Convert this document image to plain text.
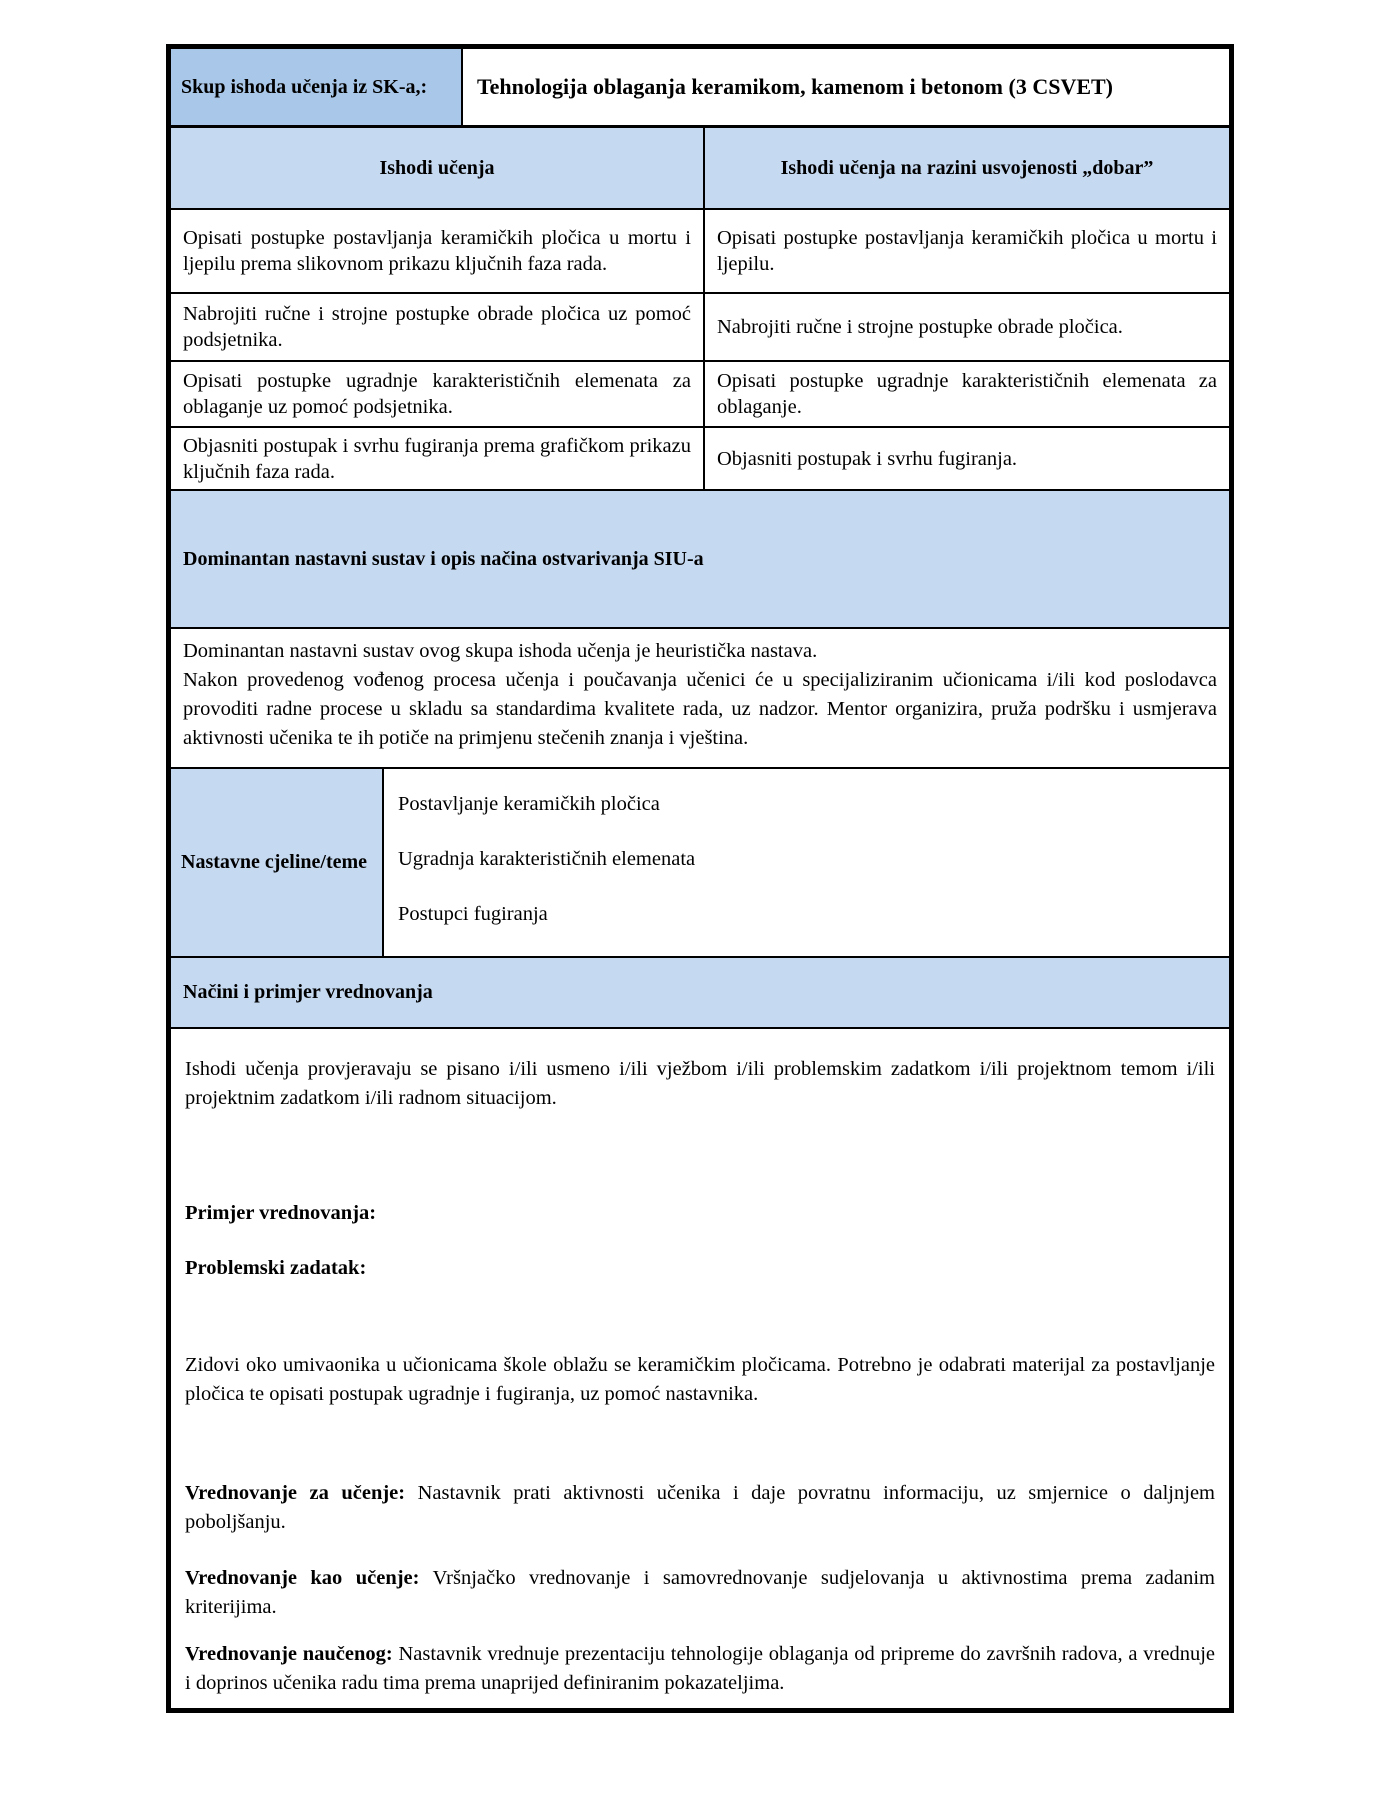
Skup ishoda učenja iz SK-a,: Tehnologija oblaganja keramikom, kamenom i betonom (3 CSVET)
Ishodi učenja	Ishodi učenja na razini usvojenosti „dobar”
Opisati postupke postavljanja keramičkih pločica u mortu i ljepilu prema slikovnom prikazu ključnih faza rada.
Opisati postupke postavljanja keramičkih pločica u mortu i ljepilu.
Nabrojiti ručne i strojne postupke obrade pločica uz pomoć podsjetnika.
Nabrojiti ručne i strojne postupke obrade pločica.
Opisati postupke ugradnje karakterističnih elemenata za oblaganje uz pomoć podsjetnika.
Opisati postupke ugradnje karakterističnih elemenata za oblaganje.
Objasniti postupak i svrhu fugiranja prema grafičkom prikazu ključnih faza rada.
Objasniti postupak i svrhu fugiranja.
Dominantan nastavni sustav i opis načina ostvarivanja SIU-a

Dominantan nastavni sustav ovog skupa ishoda učenja je heuristička nastava.

Nakon provedenog vođenog procesa učenja i poučavanja učenici će u specijaliziranim učionicama i/ili kod poslodavca provoditi radne procese u skladu sa standardima kvalitete rada, uz nadzor. Mentor organizira, pruža podršku i usmjerava aktivnosti učenika te ih potiče na primjenu stečenih znanja i vještina.

Nastavne cjeline/teme

Postavljanje keramičkih pločica

Ugradnja karakterističnih elemenata

Postupci fugiranja

Načini i primjer vrednovanja

Ishodi učenja provjeravaju se pisano i/ili usmeno i/ili vježbom i/ili problemskim zadatkom i/ili projektnom temom i/ili projektnim zadatkom i/ili radnom situacijom.

Primjer vrednovanja:

Problemski zadatak:

Zidovi oko umivaonika u učionicama škole oblažu se keramičkim pločicama. Potrebno je odabrati materijal za postavljanje pločica te opisati postupak ugradnje i fugiranja, uz pomoć nastavnika.

Vrednovanje za učenje: Nastavnik prati aktivnosti učenika i daje povratnu informaciju, uz smjernice o daljnjem poboljšanju.

Vrednovanje kao učenje: Vršnjačko vrednovanje i samovrednovanje sudjelovanja u aktivnostima prema zadanim kriterijima.

Vrednovanje naučenog: Nastavnik vrednuje prezentaciju tehnologije oblaganja od pripreme do završnih radova, a vrednuje i doprinos učenika radu tima prema unaprijed definiranim pokazateljima.
